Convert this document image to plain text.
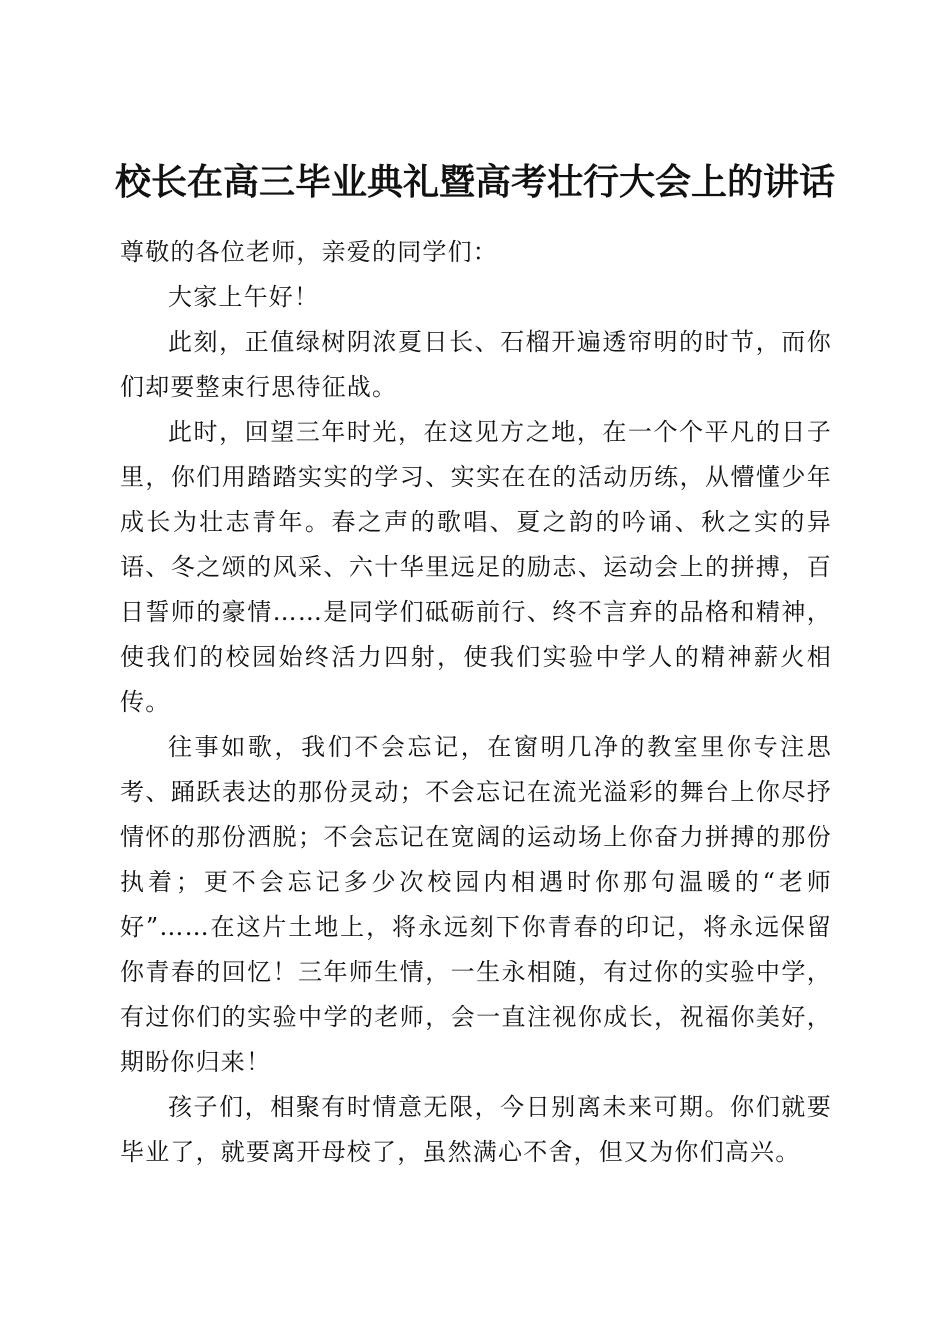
校长在高三毕业典礼暨高考壮行大会上的讲话

尊敬的各位老师，亲爱的同学们：

大家上午好！

此刻，正值绿树阴浓夏日长、石榴开遍透帘明的时节，而你们却要整束行思待征战。

此时，回望三年时光，在这见方之地，在一个个平凡的日子里，你们用踏踏实实的学习、实实在在的活动历练，从懵懂少年成长为壮志青年。春之声的歌唱、夏之韵的吟诵、秋之实的异语、冬之颂的风采、六十华里远足的励志、运动会上的拼搏，百日誓师的豪情……是同学们砥砺前行、终不言弃的品格和精神，使我们的校园始终活力四射，使我们实验中学人的精神薪火相传。

往事如歌，我们不会忘记，在窗明几净的教室里你专注思考、踊跃表达的那份灵动；不会忘记在流光溢彩的舞台上你尽抒情怀的那份洒脱；不会忘记在宽阔的运动场上你奋力拼搏的那份执着；更不会忘记多少次校园内相遇时你那句温暖的“老师好”……在这片土地上，将永远刻下你青春的印记，将永远保留你青春的回忆！三年师生情，一生永相随，有过你的实验中学，有过你们的实验中学的老师，会一直注视你成长，祝福你美好，期盼你归来！

孩子们，相聚有时情意无限，今日别离未来可期。你们就要毕业了，就要离开母校了，虽然满心不舍，但又为你们高兴。
